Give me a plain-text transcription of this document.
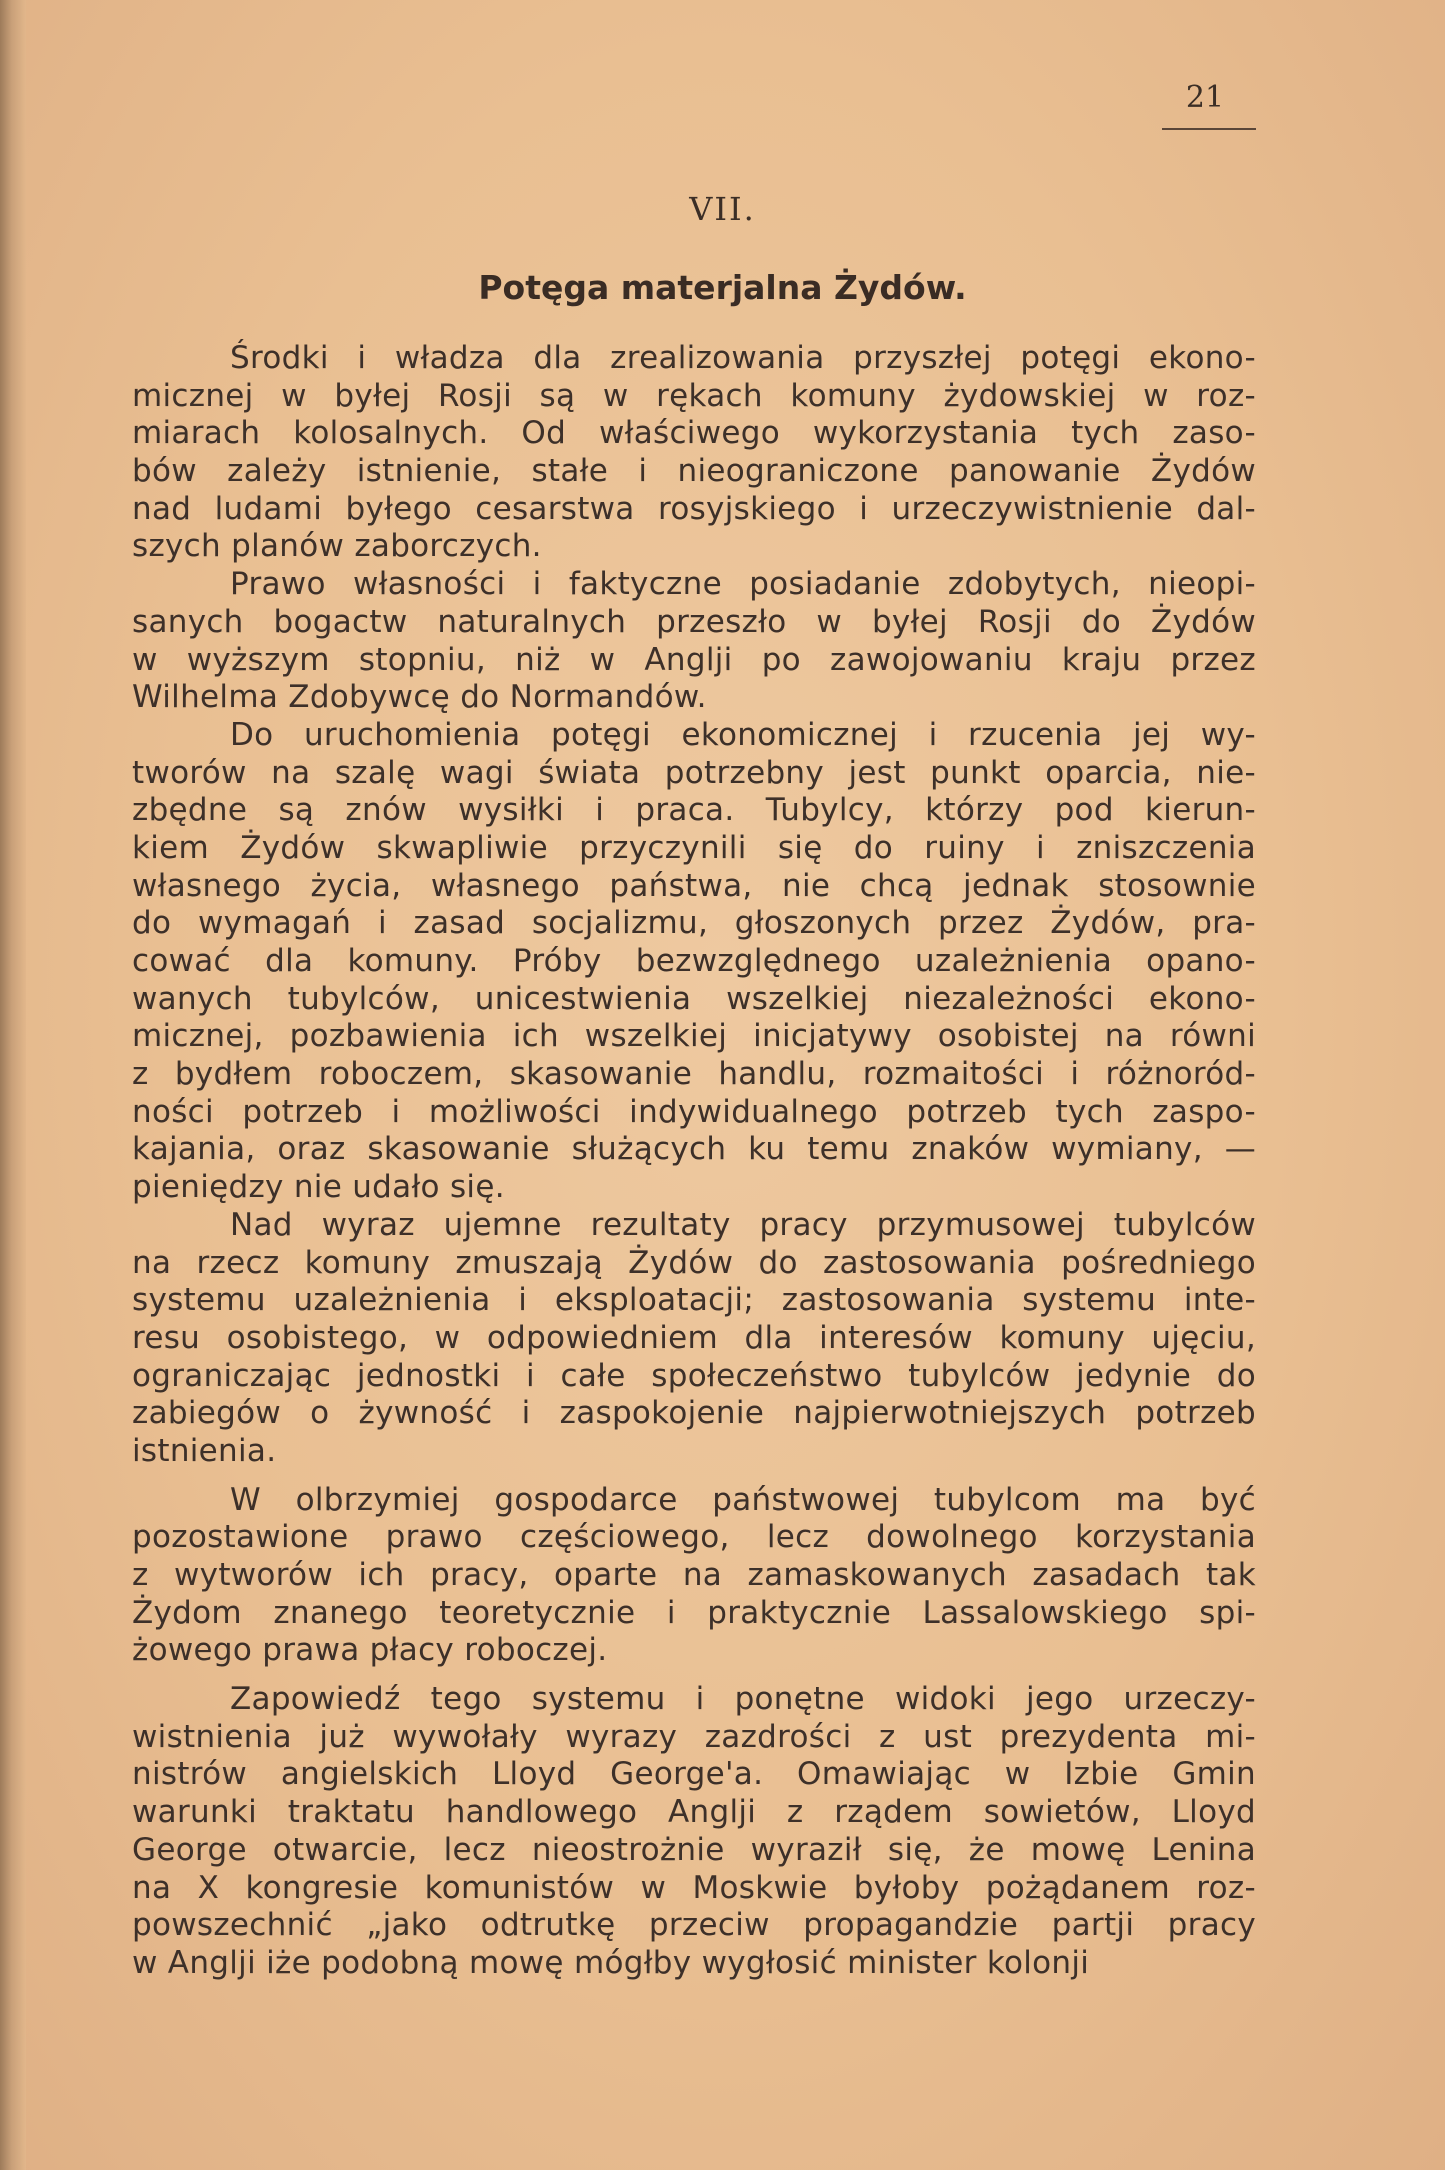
21
VII.
Potęga materjalna Żydów.

Środki i władza dla zrealizowania przyszłej potęgi ekono-
micznej w byłej Rosji są w rękach komuny żydowskiej w roz-
miarach kolosalnych. Od właściwego wykorzystania tych zaso-
bów zależy istnienie, stałe i nieograniczone panowanie Żydów
nad ludami byłego cesarstwa rosyjskiego i urzeczywistnienie dal-
szych planów zaborczych.

Prawo własności i faktyczne posiadanie zdobytych, nieopi-
sanych bogactw naturalnych przeszło w byłej Rosji do Żydów
w wyższym stopniu, niż w Anglji po zawojowaniu kraju przez
Wilhelma Zdobywcę do Normandów.

Do uruchomienia potęgi ekonomicznej i rzucenia jej wy-
tworów na szalę wagi świata potrzebny jest punkt oparcia, nie-
zbędne są znów wysiłki i praca. Tubylcy, którzy pod kierun-
kiem Żydów skwapliwie przyczynili się do ruiny i zniszczenia
własnego życia, własnego państwa, nie chcą jednak stosownie
do wymagań i zasad socjalizmu, głoszonych przez Żydów, pra-
cować dla komuny. Próby bezwzględnego uzależnienia opano-
wanych tubylców, unicestwienia wszelkiej niezależności ekono-
micznej, pozbawienia ich wszelkiej inicjatywy osobistej na równi
z bydłem roboczem, skasowanie handlu, rozmaitości i różnoród-
ności potrzeb i możliwości indywidualnego potrzeb tych zaspo-
kajania, oraz skasowanie służących ku temu znaków wymiany, —
pieniędzy nie udało się.

Nad wyraz ujemne rezultaty pracy przymusowej tubylców
na rzecz komuny zmuszają Żydów do zastosowania pośredniego
systemu uzależnienia i eksploatacji; zastosowania systemu inte-
resu osobistego, w odpowiedniem dla interesów komuny ujęciu,
ograniczając jednostki i całe społeczeństwo tubylców jedynie do
zabiegów o żywność i zaspokojenie najpierwotniejszych potrzeb
istnienia.

W olbrzymiej gospodarce państwowej tubylcom ma być
pozostawione prawo częściowego, lecz dowolnego korzystania
z wytworów ich pracy, oparte na zamaskowanych zasadach tak
Żydom znanego teoretycznie i praktycznie Lassalowskiego spi-
żowego prawa płacy roboczej.

Zapowiedź tego systemu i ponętne widoki jego urzeczy-
wistnienia już wywołały wyrazy zazdrości z ust prezydenta mi-
nistrów angielskich Lloyd George'a. Omawiając w Izbie Gmin
warunki traktatu handlowego Anglji z rządem sowietów, Lloyd
George otwarcie, lecz nieostrożnie wyraził się, że mowę Lenina
na X kongresie komunistów w Moskwie byłoby pożądanem roz-
powszechnić „jako odtrutkę przeciw propagandzie partji pracy
w Anglji iże podobną mowę mógłby wygłosić minister kolonji
